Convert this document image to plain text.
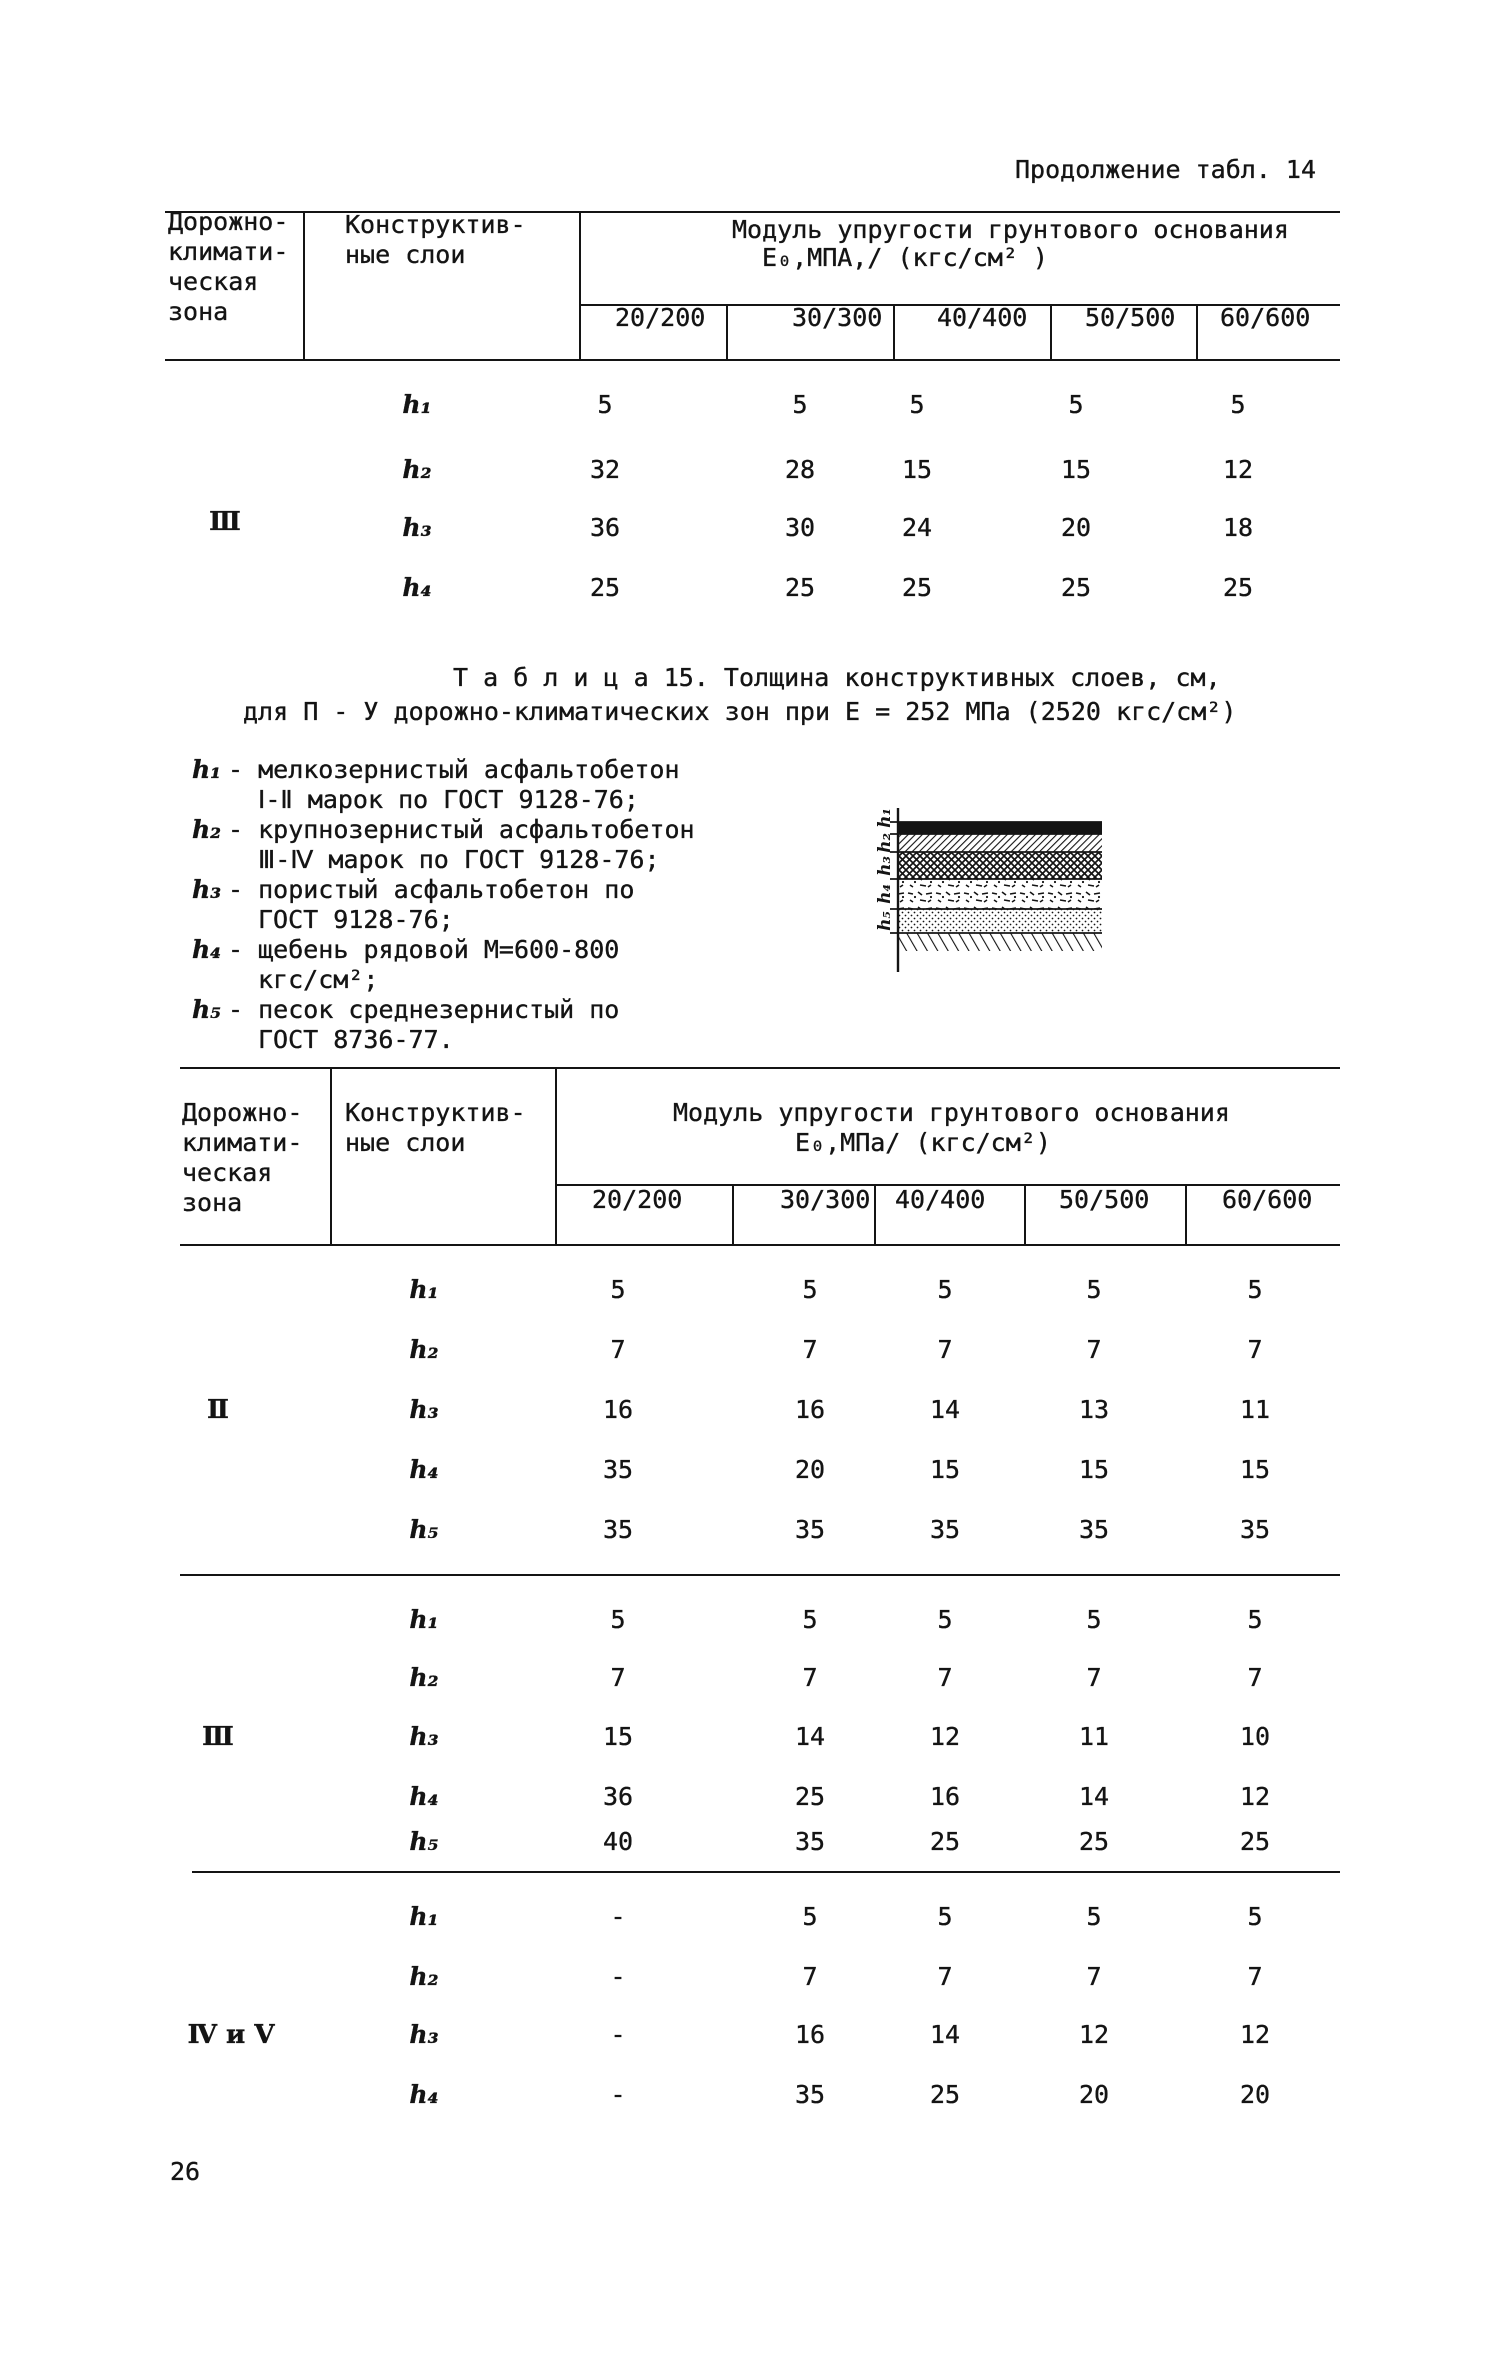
Продолжение табл. 14
Дорожно-
климати-
ческая
зона
Конструктив-
ные слои
Модуль упругости грунтового основания
E₀,МПА,/ (кгс/см² )
20/200	30/300 40/400 50/500 60/600
Ⅲ
h₁	5	5	5	5	5
h₂	32	28	15	15	12
h₃	36	30	24	20	18
h₄	25	25	25	25	25
Т а б л и ц а 15. Толщина конструктивных слоев, см,
для П - У дорожно-климатических зон при E = 252 МПа (2520 кгс/см²)
h₁ - мелкозернистый асфальтобетон
Ⅰ-Ⅱ марок по ГОСТ 9128-76;
h₂ - крупнозернистый асфальтобетон
Ⅲ-Ⅳ марок по ГОСТ 9128-76;
h₃ - пористый асфальтобетон по
ГОСТ 9128-76;
h₄ - щебень рядовой М=600-800
кгс/см²;
h₅ - песок среднезернистый по
ГОСТ 8736-77.
h₁
h₂
h₃
h₄
h₅
Дорожно-
климати-
ческая
зона
Конструктив-
ные слои
Модуль упругости грунтового основания
E₀,МПа/ (кгс/см²)
20/200	30/300 40/400	50/500	60/600
Ⅱ
h₁	5	5	5	5	5
h₂	7	7	7	7	7
h₃	16	16	14	13	11
h₄	35	20	15	15	15
h₅	35	35	35	35	35
Ⅲ
h₁	5	5	5	5	5
h₂	7	7	7	7	7
h₃	15	14	12	11	10
h₄	36	25	16	14	12
h₅	40	35	25	25	25
Ⅳ и Ⅴ
h₁	-	5	5	5	5
h₂	-	7	7	7	7
h₃	-	16	14	12	12
h₄	-	35	25	20	20
26
